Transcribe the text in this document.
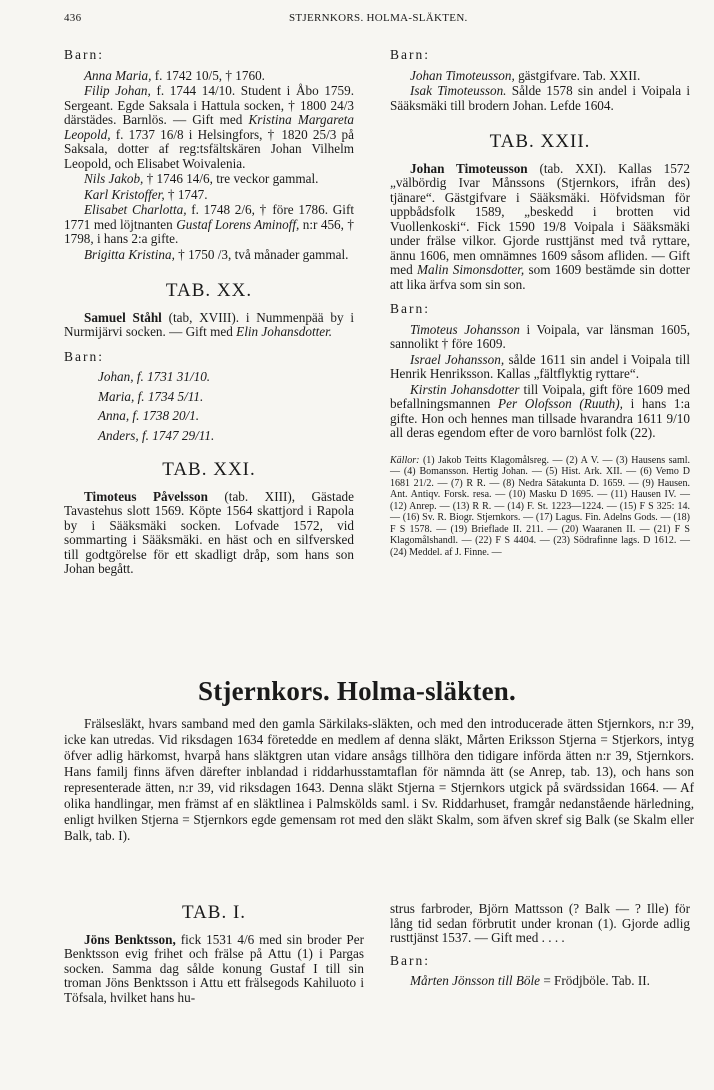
436	STJERNKORS. HOLMA-SLÄKTEN.
Barn:

Anna Maria, f. 1742 10/5, † 1760.

Filip Johan, f. 1744 14/10. Student i Åbo 1759. Sergeant. Egde Saksala i Hattula socken, † 1800 24/3 därstädes. Barnlös. — Gift med Kristina Margareta Leopold, f. 1737 16/8 i Helsingfors, † 1820 25/3 på Saksala, dotter af reg:tsfältskären Johan Vilhelm Leopold, och Elisabet Woivalenia.

Nils Jakob, † 1746 14/6, tre veckor gammal.

Karl Kristoffer, † 1747.

Elisabet Charlotta, f. 1748 2/6, † före 1786. Gift 1771 med löjtnanten Gustaf Lorens Aminoff, n:r 456, † 1798, i hans 2:a gifte.

Brigitta Kristina, † 1750 /3, två månader gammal.

TAB. XX.

Samuel Ståhl (tab, XVIII). i Nummenpää by i Nurmijärvi socken. — Gift med Elin Johansdotter.

Barn:
Johan, f. 1731 31/10.
Maria, f. 1734 5/11.
Anna, f. 1738 20/1.
Anders, f. 1747 29/11.
TAB. XXI.

Timoteus Påvelsson (tab. XIII), Gästade Tavastehus slott 1569. Köpte 1564 skattjord i Rapola by i Sääksmäki socken. Lofvade 1572, vid sommarting i Sääksmäki. en häst och en silfversked till godtgörelse för ett skadligt dråp, som hans son Johan begått.

Barn:

Johan Timoteusson, gästgifvare. Tab. XXII.

Isak Timoteusson. Sålde 1578 sin andel i Voipala i Sääksmäki till brodern Johan. Lefde 1604.

TAB. XXII.

Johan Timoteusson (tab. XXI). Kallas 1572 „välbördig Ivar Månssons (Stjernkors, ifrån des) tjänare“. Gästgifvare i Sääksmäki. Höfvidsman för uppbådsfolk 1589, „beskedd i brotten vid Vuollenkoski“. Fick 1590 19/8 Voipala i Sääksmäki under frälse vilkor. Gjorde rusttjänst med två ryttare, ännu 1606, men omnämnes 1609 såsom afliden. — Gift med Malin Simonsdotter, som 1609 bestämde sin dotter att lika ärfva som sin son.

Barn:

Timoteus Johansson i Voipala, var länsman 1605, sannolikt † före 1609.

Israel Johansson, sålde 1611 sin andel i Voipala till Henrik Henriksson. Kallas „fältflyktig ryttare“.

Kirstin Johansdotter till Voipala, gift före 1609 med befallningsmannen Per Olofsson (Ruuth), i hans 1:a gifte. Hon och hennes man tillsade hvarandra 1611 9/10 all deras egendom efter de voro barnlöst folk (22).

Källor: (1) Jakob Teitts Klagomålsreg. — (2) A V. — (3) Hausens saml. — (4) Bomansson. Hertig Johan. — (5) Hist. Ark. XII. — (6) Vemo D 1681 21/2. — (7) R R. — (8) Nedra Sätakunta D. 1659. — (9) Hausen. Ant. Antiqv. Forsk. resa. — (10) Masku D 1695. — (11) Hausen IV. — (12) Anrep. — (13) R R. — (14) F. St. 1223—1224. — (15) F S 325: 14. — (16) Sv. R. Biogr. Stjernkors. — (17) Lagus. Fin. Adelns Gods. — (18) F S 1578. — (19) Brieflade II. 211. — (20) Waaranen II. — (21) F S Klagomålshandl. — (22) F S 4404. — (23) Södrafinne lags. D 1612. — (24) Meddel. af J. Finne. —
Stjernkors. Holma-släkten.

Frälsesläkt, hvars samband med den gamla Särkilaks-släkten, och med den introducerade ätten Stjernkors, n:r 39, icke kan utredas. Vid riksdagen 1634 företedde en medlem af denna släkt, Mårten Eriksson Stjerna = Stjerkors, intyg öfver adlig härkomst, hvarpå hans släktgren utan vidare ansågs tillhöra den tidigare införda ätten n:r 39, Stjernkors. Hans familj finns äfven därefter inblandad i riddarhusstamtaflan för nämnda ätt (se Anrep, tab. 13), och hans son representerade ätten, n:r 39, vid riksdagen 1643. Denna släkt Stjerna = Stjernkors utgick på svärdssidan 1664. — Af olika handlingar, men främst af en släktlinea i Palmskölds saml. i Sv. Riddarhuset, framgår nedanstående härledning, enligt hvilken Stjerna = Stjernkors egde gemensam rot med den släkt Skalm, som äfven skref sig Balk (se Skalm eller Balk, tab. I).

TAB. I.

Jöns Benktsson, fick 1531 4/6 med sin broder Per Benktsson evig frihet och frälse på Attu (1) i Pargas socken. Samma dag sålde konung Gustaf I till sin troman Jöns Benktsson i Attu ett frälsegods Kahiluoto i Töfsala, hvilket hans hu-

strus farbroder, Björn Mattsson (? Balk — ? Ille) för lång tid sedan förbrutit under kronan (1). Gjorde adlig rusttjänst 1537. — Gift med . . . .

Barn:

Mårten Jönsson till Böle = Frödjböle. Tab. II.
